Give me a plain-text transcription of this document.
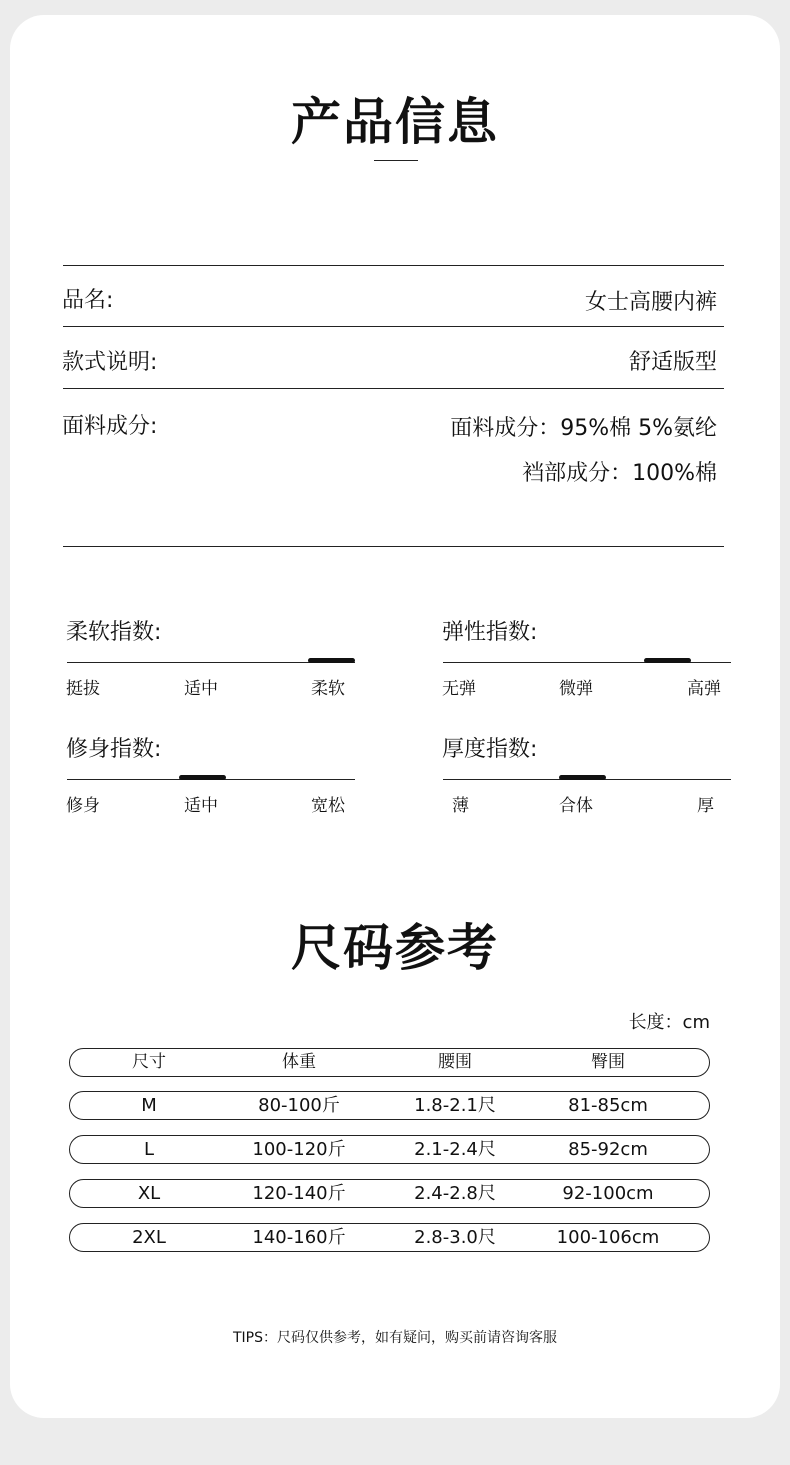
产品信息
品名:	女士高腰内裤
款式说明:	舒适版型
面料成分:	面料成分：95%棉 5%氨纶
裆部成分：100%棉
柔软指数:
挺拔	适中	柔软
弹性指数:
无弹	微弹	高弹
修身指数:
修身	适中	宽松
厚度指数:
薄	合体	厚
尺码参考
长度：cm
尺寸	体重	腰围	臀围
M	80-100斤	1.8-2.1尺	81-85cm
L	100-120斤	2.1-2.4尺	85-92cm
XL	120-140斤	2.4-2.8尺	92-100cm
2XL	140-160斤	2.8-3.0尺	100-106cm
TIPS：尺码仅供参考，如有疑问，购买前请咨询客服
